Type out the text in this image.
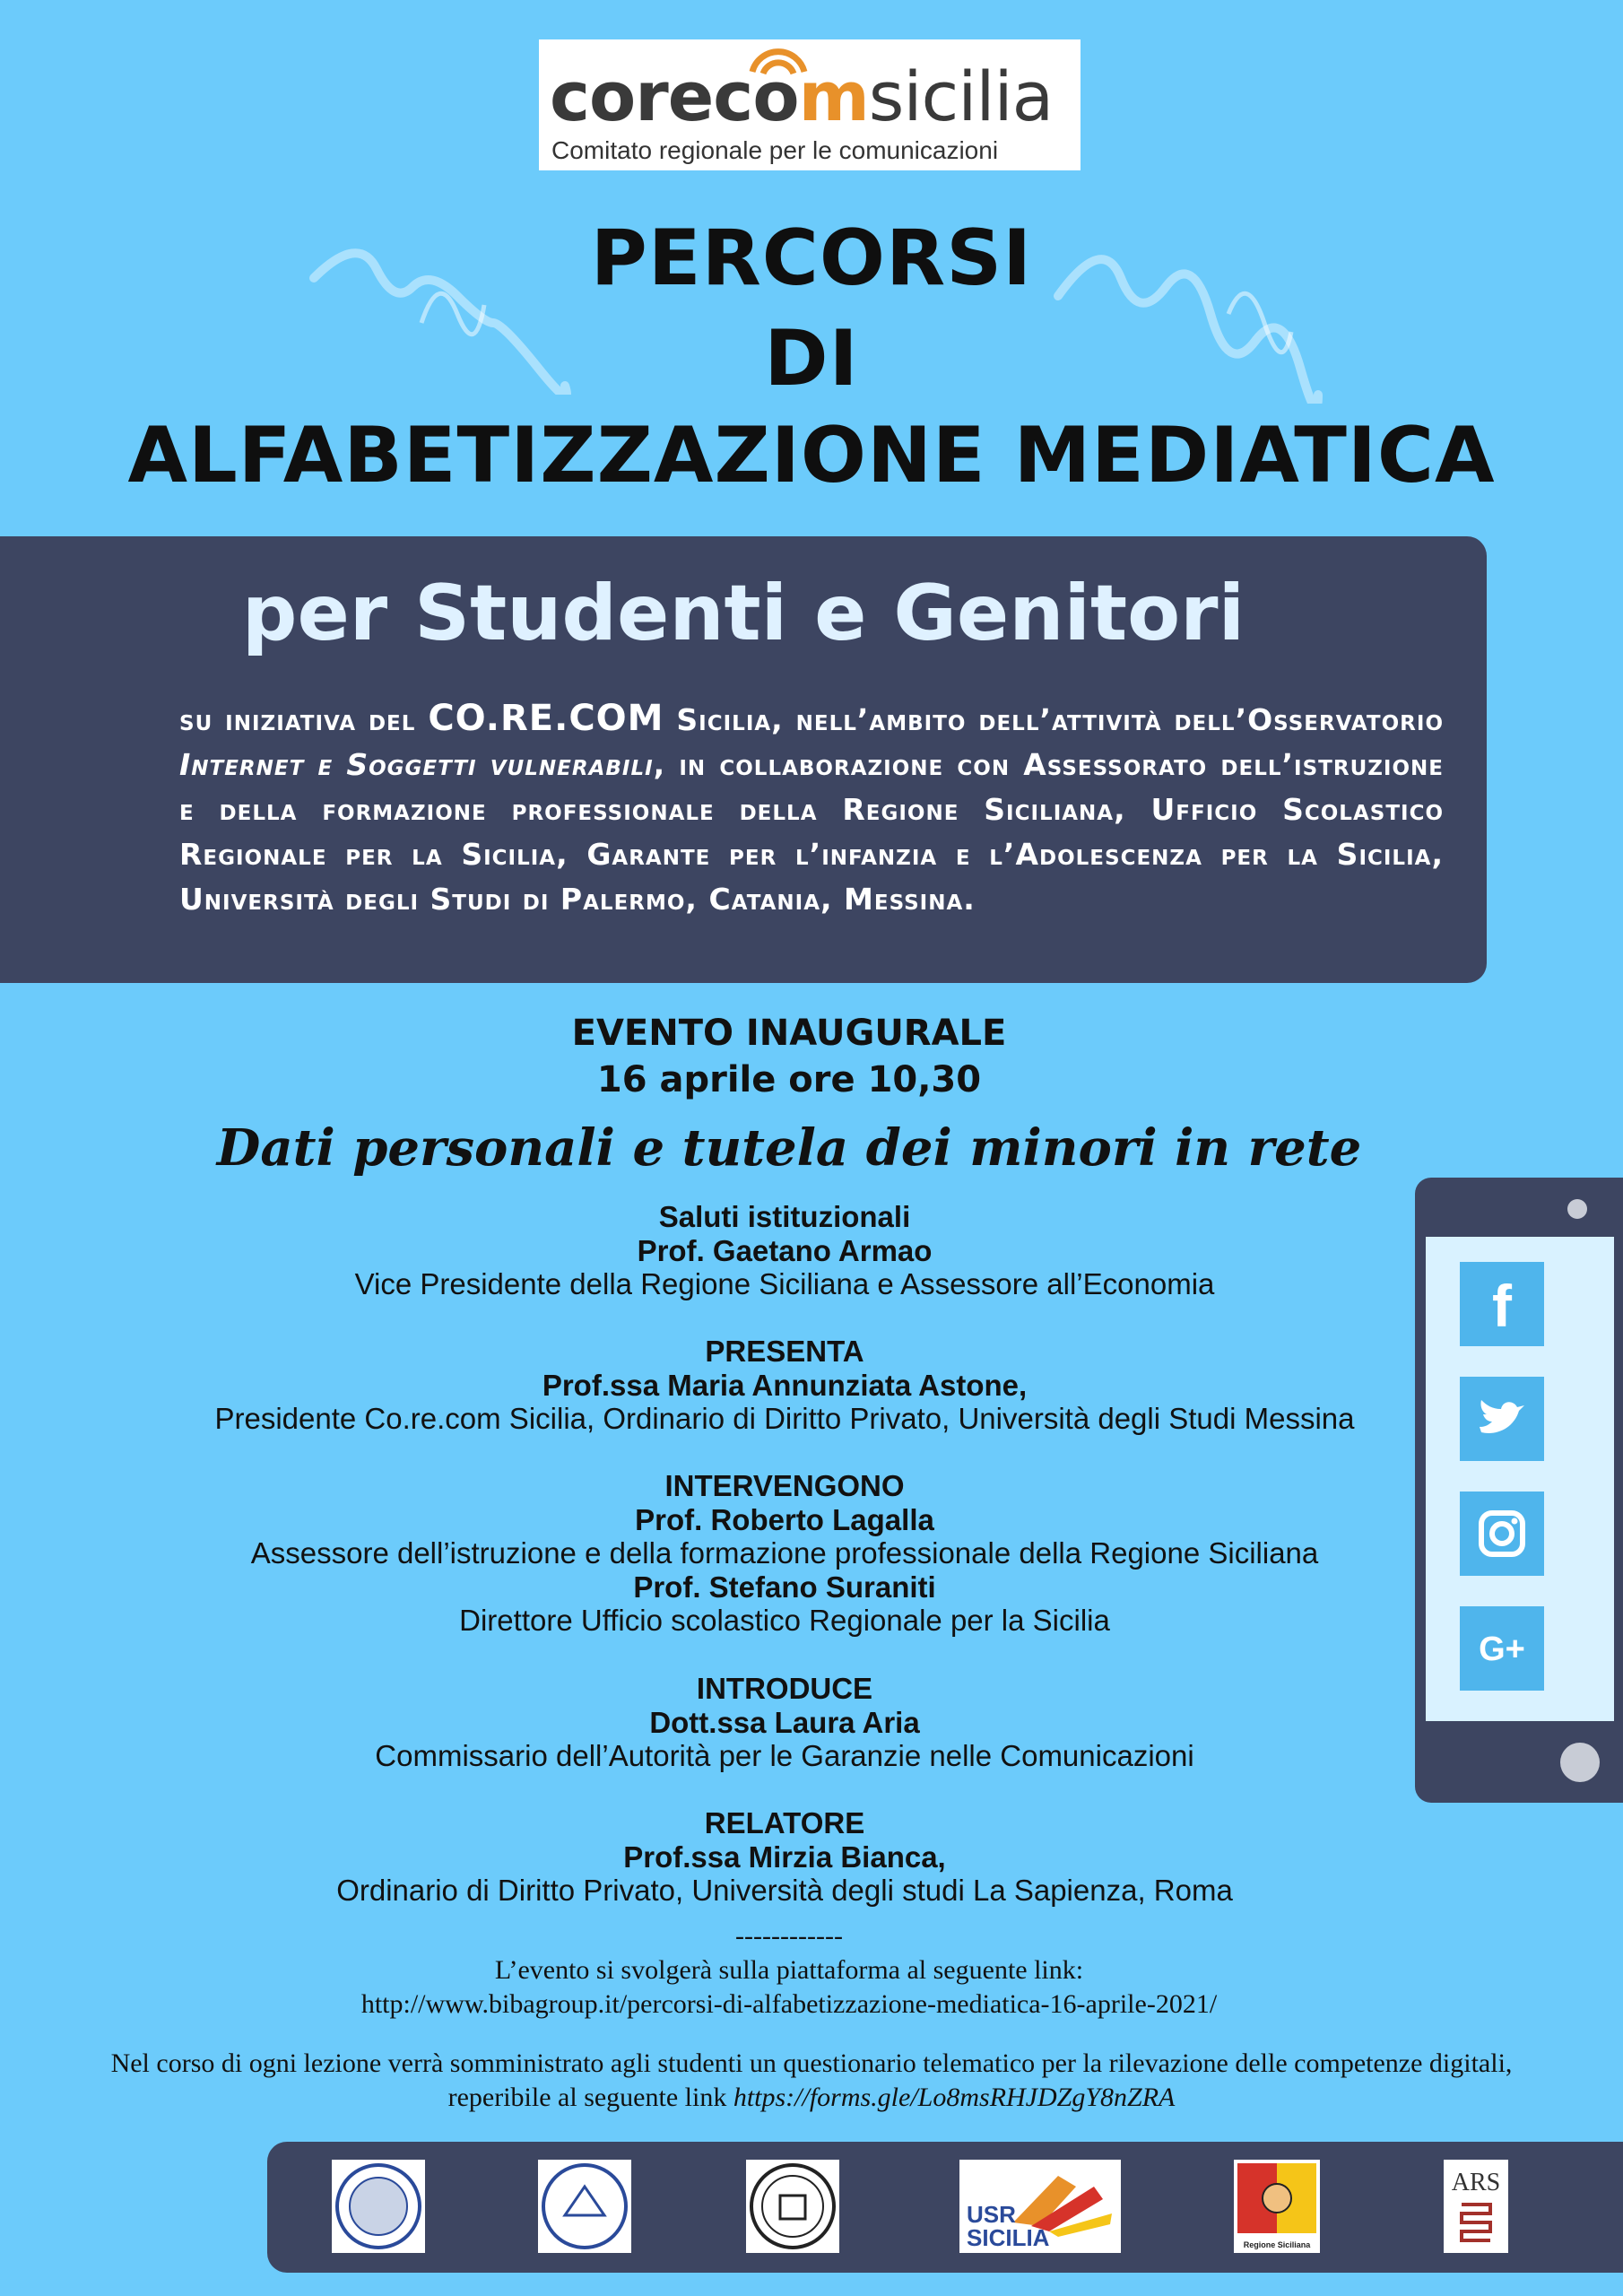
corecomsicilia
Comitato regionale per le comunicazioni
PERCORSI
DI
ALFABETIZZAZIONE MEDIATICA
per Studenti e Genitori
su iniziativa del CO.RE.COM Sicilia, nell’ambito dell’attività dell’Osservatorio Internet e Soggetti vulnerabili, in collaborazione con Assessorato dell’istruzione e della formazione professionale della Regione Siciliana, Ufficio Scolastico Regionale per la Sicilia, Garante per l’infanzia e l’Adolescenza per la Sicilia, Università degli Studi di Palermo, Catania, Messina.
EVENTO INAUGURALE
16 aprile ore 10,30
Dati personali e tutela dei minori in rete
Saluti istituzionali
Prof. Gaetano Armao
Vice Presidente della Regione Siciliana e Assessore all’Economia
PRESENTA
Prof.ssa Maria Annunziata Astone,
Presidente Co.re.com Sicilia, Ordinario di Diritto Privato, Università degli Studi Messina
INTERVENGONO
Prof. Roberto Lagalla
Assessore dell’istruzione e della formazione professionale della Regione Siciliana
Prof. Stefano Suraniti
Direttore Ufficio scolastico Regionale per la Sicilia
INTRODUCE
Dott.ssa Laura Aria
Commissario dell’Autorità per le Garanzie nelle Comunicazioni
RELATORE
Prof.ssa Mirzia Bianca,
Ordinario di Diritto Privato, Università degli studi La Sapienza, Roma
------------
L’evento si svolgerà sulla piattaforma al seguente link:
http://www.bibagroup.it/percorsi-di-alfabetizzazione-mediatica-16-aprile-2021/
Nel corso di ogni lezione verrà somministrato agli studenti un questionario telematico per la rilevazione delle competenze digitali,
reperibile al seguente link https://forms.gle/Lo8msRHJDZgY8nZRA
f
G+
USR
SICILIA	Regione Siciliana
ARS
